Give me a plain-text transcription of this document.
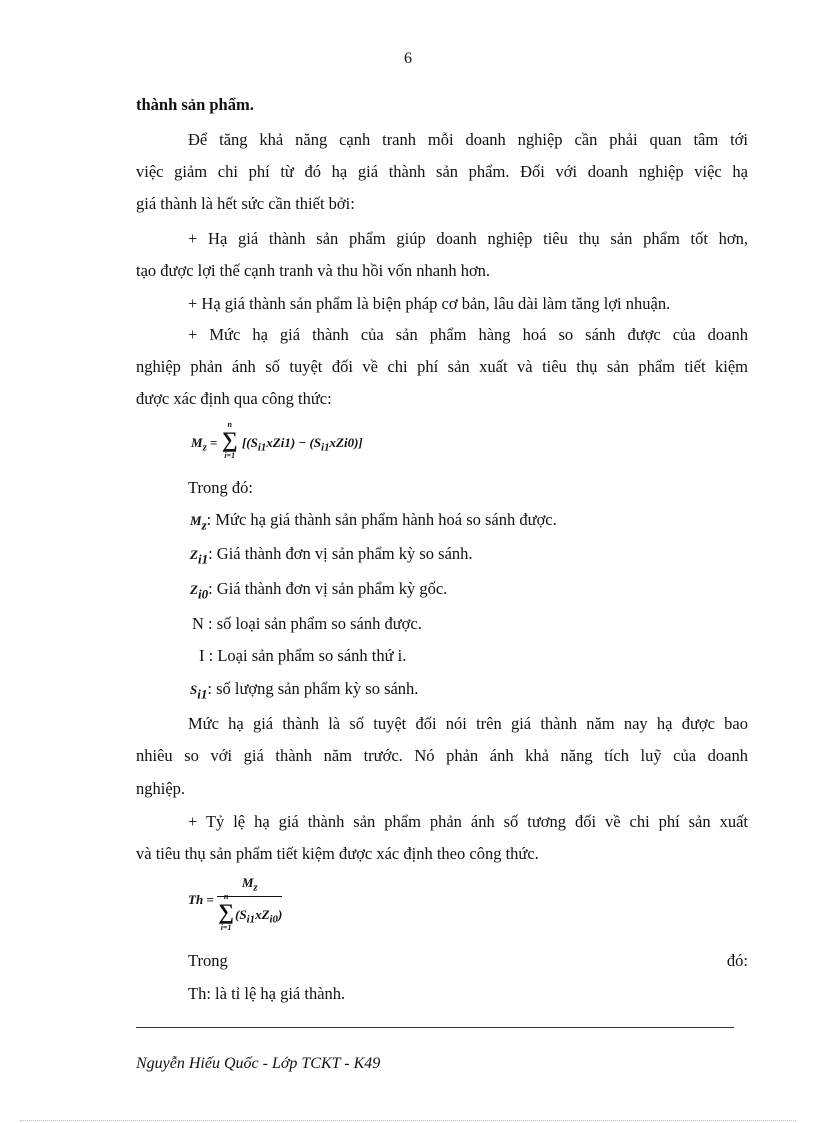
6
thành sản phẩm.
Để tăng khả năng cạnh tranh mỗi doanh nghiệp cần phải quan tâm tới
việc giảm chi phí từ đó hạ giá thành sản phẩm. Đối với doanh nghiệp việc hạ
giá thành là hết sức cần thiết bởi:
+ Hạ giá thành sản phẩm giúp doanh nghiệp tiêu thụ sản phẩm tốt hơn,
tạo được lợi thế cạnh tranh và thu hồi vốn nhanh hơn.
+ Hạ giá thành sản phẩm là biện pháp cơ bản, lâu dài làm tăng lợi nhuận.
+ Mức hạ giá thành của sản phẩm hàng hoá so sánh được của doanh
nghiệp phản ánh số tuyệt đối về chi phí sản xuất và tiêu thụ sản phẩm tiết kiệm
được xác định qua công thức:
$M_z$ =
n
∑
i=1
$[(S_{i1}xZi1) - (S_{i1}xZi0)]$
Trong đó:
$M_z$: Mức hạ giá thành sản phẩm hành hoá so sánh được.
$Z_{i1}$: Giá thành đơn vị sản phẩm kỳ so sánh.
$Z_{i0}$: Giá thành đơn vị sản phẩm kỳ gốc.
N : số loại sản phẩm so sánh được.
I : Loại sản phẩm so sánh thứ i.
$S_{i1}$: số lượng sản phẩm kỳ so sánh.
Mức hạ giá thành là số tuyệt đối nói trên giá thành năm nay hạ được bao
nhiêu so với giá thành năm trước. Nó phản ánh khả năng tích luỹ của doanh
nghiệp.
+ Tỷ lệ hạ giá thành sản phẩm phản ánh số tương đối về chi phí sản xuất
và tiêu thụ sản phẩm tiết kiệm được xác định theo công thức.
$Th = M_z$
n
∑
i=1
$(S_{i1}xZ_{i0})$
Trong	đó:
Th: là tỉ lệ hạ giá thành.
Nguyễn Hiếu Quốc - Lớp TCKT - K49
